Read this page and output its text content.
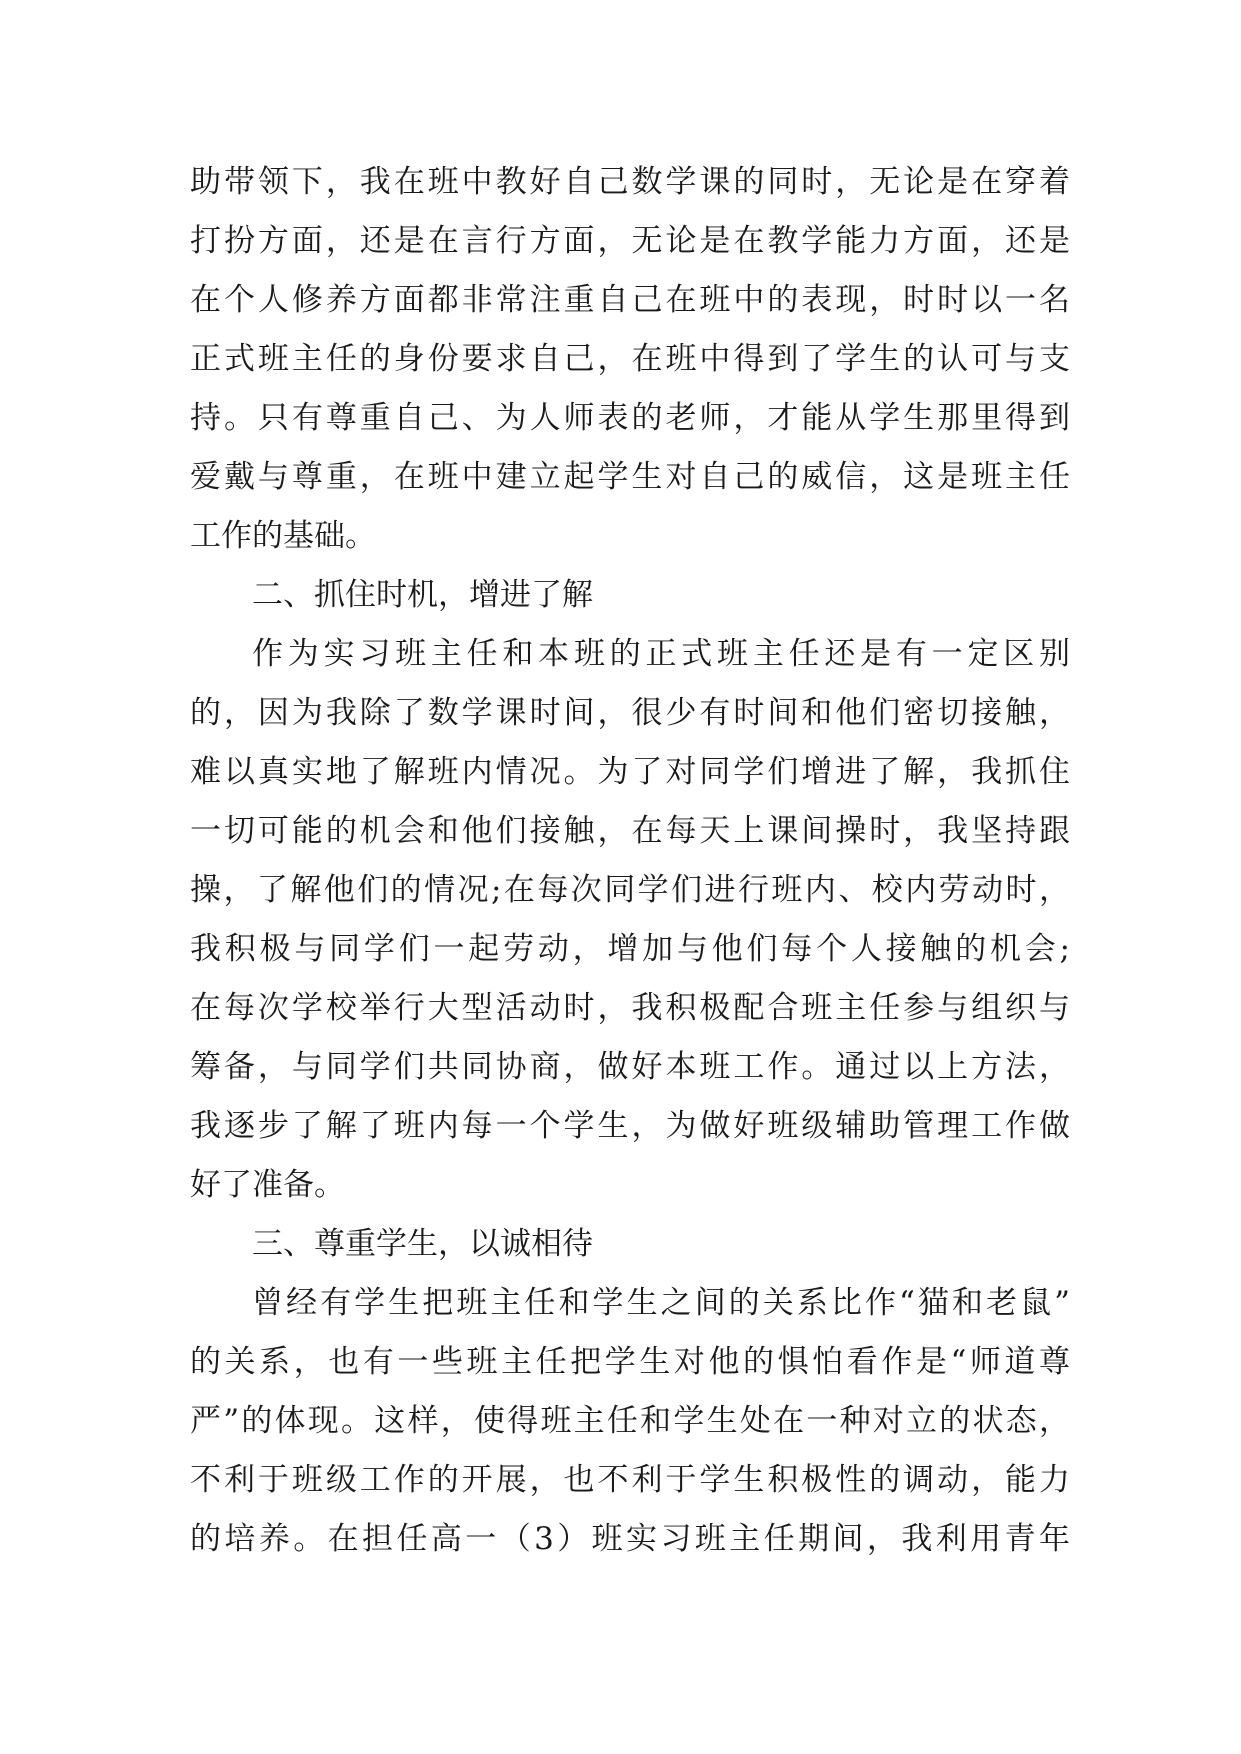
助带领下，我在班中教好自己数学课的同时，无论是在穿着
打扮方面，还是在言行方面，无论是在教学能力方面，还是
在个人修养方面都非常注重自己在班中的表现，时时以一名
正式班主任的身份要求自己，在班中得到了学生的认可与支
持。只有尊重自己、为人师表的老师，才能从学生那里得到
爱戴与尊重，在班中建立起学生对自己的威信，这是班主任
工作的基础。
二、抓住时机，增进了解
作为实习班主任和本班的正式班主任还是有一定区别
的，因为我除了数学课时间，很少有时间和他们密切接触，
难以真实地了解班内情况。为了对同学们增进了解，我抓住
一切可能的机会和他们接触，在每天上课间操时，我坚持跟
操，了解他们的情况;在每次同学们进行班内、校内劳动时，
我积极与同学们一起劳动，增加与他们每个人接触的机会;
在每次学校举行大型活动时，我积极配合班主任参与组织与
筹备，与同学们共同协商，做好本班工作。通过以上方法，
我逐步了解了班内每一个学生，为做好班级辅助管理工作做
好了准备。
三、尊重学生，以诚相待
曾经有学生把班主任和学生之间的关系比作“猫和老鼠”
的关系，也有一些班主任把学生对他的惧怕看作是“师道尊
严”的体现。这样，使得班主任和学生处在一种对立的状态，
不利于班级工作的开展，也不利于学生积极性的调动，能力
的培养。在担任高一（3）班实习班主任期间，我利用青年
